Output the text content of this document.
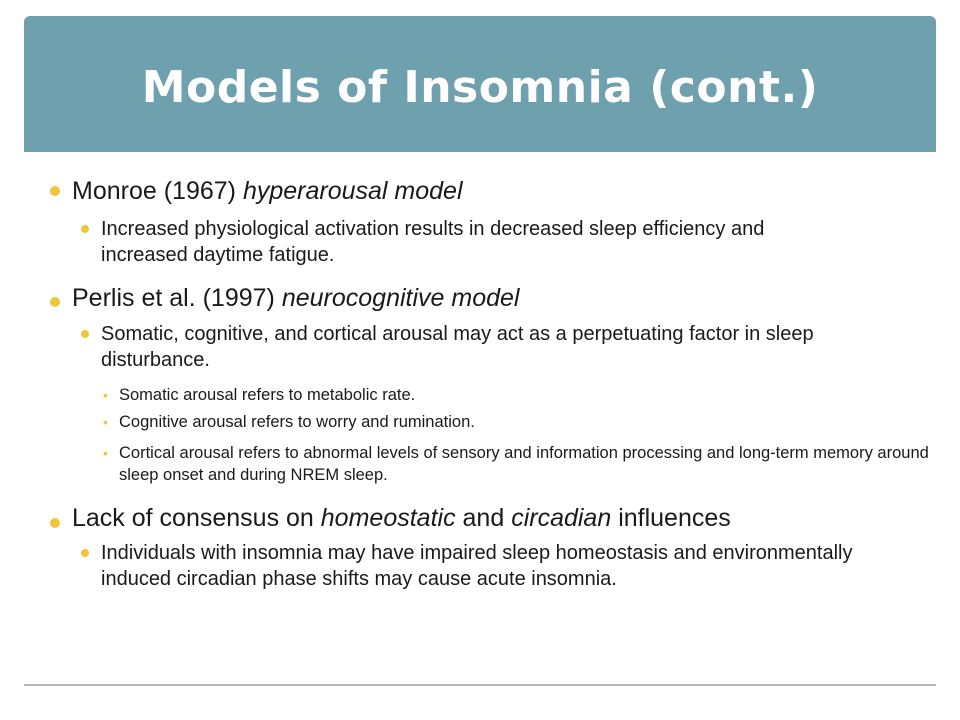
Models of Insomnia (cont.)
Monroe (1967) hyperarousal model
Increased physiological activation results in decreased sleep efficiency and increased daytime fatigue.
Perlis et al. (1997) neurocognitive model
Somatic, cognitive, and cortical arousal may act as a perpetuating factor in sleep disturbance.
• Somatic arousal refers to metabolic rate.
• Cognitive arousal refers to worry and rumination.
• Cortical arousal refers to abnormal levels of sensory and information processing and long-term memory around sleep onset and during NREM sleep.
Lack of consensus on homeostatic and circadian influences
Individuals with insomnia may have impaired sleep homeostasis and environmentally induced circadian phase shifts may cause acute insomnia.
